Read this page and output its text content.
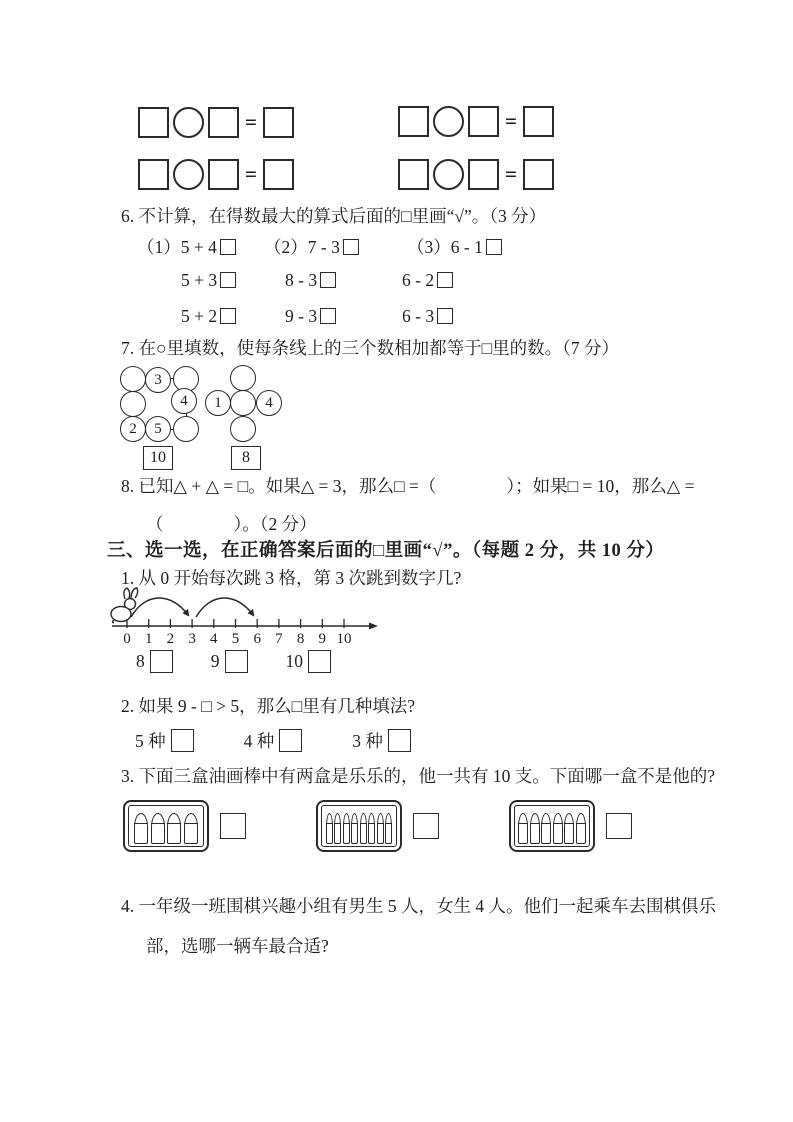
=	=
=	=
6. 不计算，在得数最大的算式后面的□里画“√”。（3 分）
（1）5 + 4
5 + 3
5 + 2
（2）7 - 3
8 - 3
9 - 3
（3）6 - 1
6 - 2
6 - 3
7. 在○里填数，使每条线上的三个数相加都等于□里的数。（7 分）
3
4
2	5
10
1	4
8
8. 已知△ + △ = □。如果△ = 3，那么□ =（　　　　）；如果□ = 10，那么△ =
（　　　　）。（2 分）
三、选一选，在正确答案后面的□里画“√”。（每题 2 分，共 10 分）
1. 从 0 开始每次跳 3 格，第 3 次跳到数字几?
0 1 2 3 4 5 6 7 8 9 10
8	9	10
2. 如果 9 - □ > 5，那么□里有几种填法?
5 种	4 种	3 种
3. 下面三盒油画棒中有两盒是乐乐的，他一共有 10 支。下面哪一盒不是他的?
4. 一年级一班围棋兴趣小组有男生 5 人，女生 4 人。他们一起乘车去围棋俱乐
部，选哪一辆车最合适?
